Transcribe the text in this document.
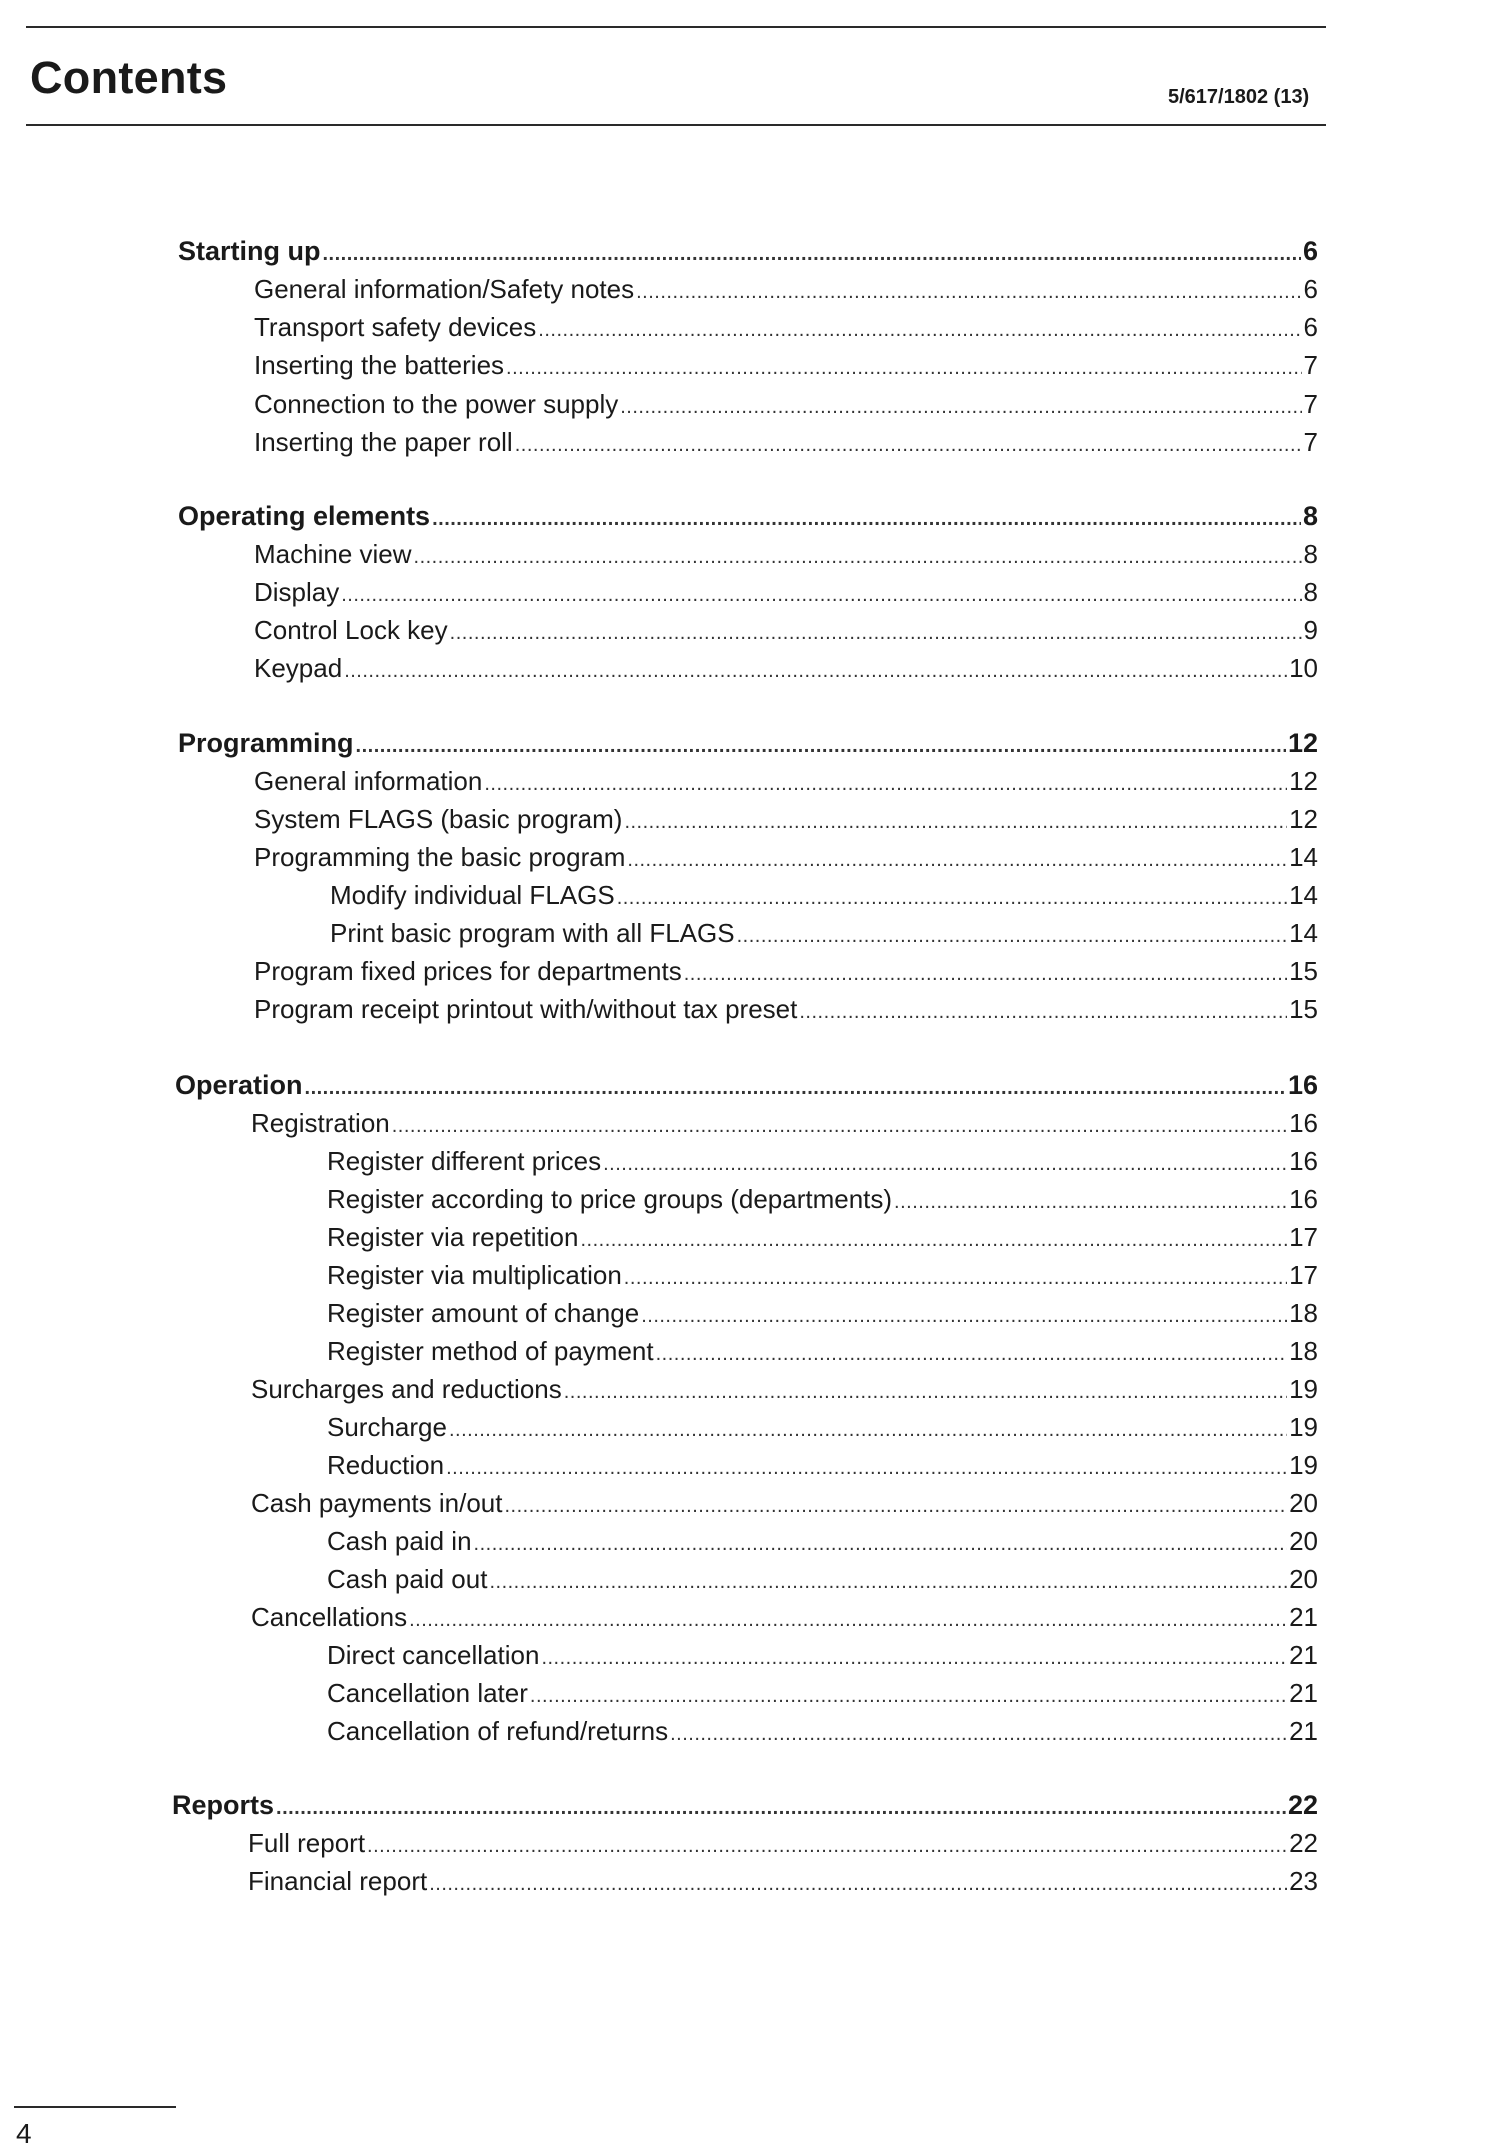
Contents	5/617/1802 (13)
Starting up .....	6
General information/Safety notes .....	6
Transport safety devices .....	6
Inserting the batteries .....	7
Connection to the power supply .....	7
Inserting the paper roll .....	7
Operating elements .....	8
Machine view .....	8
Display .....	8
Control Lock key .....	9
Keypad .....	10
Programming .....	12
General information .....	12
System FLAGS (basic program) .....	12
Programming the basic program .....	14
Modify individual FLAGS .....	14
Print basic program with all FLAGS .....	14
Program fixed prices for departments .....	15
Program receipt printout with/without tax preset .....	15
Operation .....	16
Registration .....	16
Register different prices .....	16
Register according to price groups (departments) .....	16
Register via repetition .....	17
Register via multiplication .....	17
Register amount of change .....	18
Register method of payment .....	18
Surcharges and reductions .....	19
Surcharge .....	19
Reduction .....	19
Cash payments in/out .....	20
Cash paid in .....	20
Cash paid out .....	20
Cancellations .....	21
Direct cancellation .....	21
Cancellation later .....	21
Cancellation of refund/returns .....	21
Reports .....	22
Full report .....	22
Financial report .....	23
4
